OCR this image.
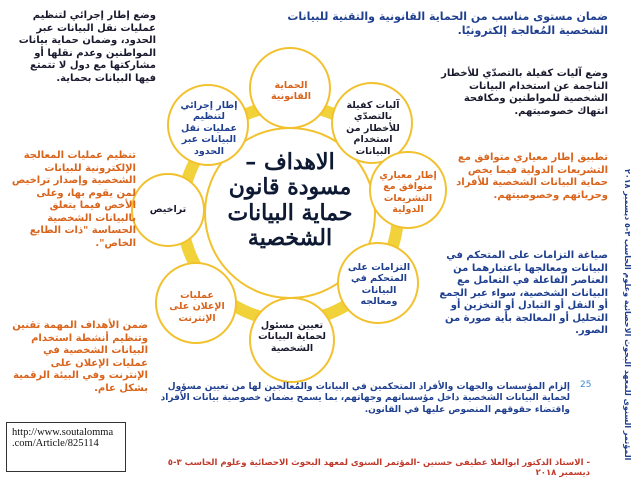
الحماية القانونية
آليات كفيلة بالتصدّي للأخطار من استخدام البيانات
إطار معياري متوافق مع التشريعات الدولية
التزامات على المتحكم في البيانات ومعالجه
تعيين مسئول لحماية البيانات الشخصية
عمليات الإعلان على الإنترنت
تراخيص
إطار إجرائي لتنظيم عمليات نقل البيانات عبر الحدود الاهداف –
مسودة قانون
حماية البيانات
الشخصية
ضمان مستوى مناسب من الحماية القانونية والتقنية للبيانات
الشخصية المُعالجة إلكترونيًا.
وضع إطار إجرائي لتنظيم عمليات نقل البيانات عبر الحدود، وضمان حماية بيانات المواطنين وعدم نقلها أو مشاركتها مع دول لا تتمتع فيها البيانات بحماية.	وضع آليات كفيلة بالتصدّي للأخطار الناجمة عن استخدام البيانات الشخصية للمواطنين ومكافحة انتهاك خصوصيتهم.
تطبيق إطار معياري متوافق مع التشريعات الدولية فيما يخص حماية البيانات الشخصية للأفراد وحرياتهم وخصوصيتهم.
صياغة التزامات على المتحكم في البيانات ومعالجها باعتبارهما من العناصر الفاعلة في التعامل مع البيانات الشخصية، سواء عبر الجمع أو النقل أو التبادل أو التخزين أو التحليل أو المعالجة بأية صورة من الصور.
تنظيم عمليات المعالجة الإلكترونية للبيانات الشخصية وإصدار تراخيص لمن يقوم بها، وعلى الأخص فيما يتعلق بالبيانات الشخصية الحساسة "ذات الطابع الخاص".
ضمن الأهداف المهمة تقنين وتنظيم أنشطة استخدام البيانات الشخصية في عمليات الإعلان على الإنترنت وفي البيئة الرقمية بشكل عام.	إلزام المؤسسات والجهات والأفراد المتحكمين في البيانات والمُعالجين لها من تعيين مسؤول لحماية البيانات الشخصية داخل مؤسساتهم وجهاتهم، بما يسمح بضمان خصوصية بيانات الأفراد واقتضاء حقوقهم المنصوص عليها في القانون.
المؤتمر السنوى للمعهد البحوث الاحصائية وعلوم الحاسب ٣-٥ ديسمبر ٢٠١٨
25
- الاستاذ الدكتور ابوالعلا عطيفى حسنين -المؤتمر السنوى لمعهد البحوث الاحصائية وعلوم الحاسب ٣-٥ ديسمبر ٢٠١٨
http://www.soutalomma
.com/Article/825114
